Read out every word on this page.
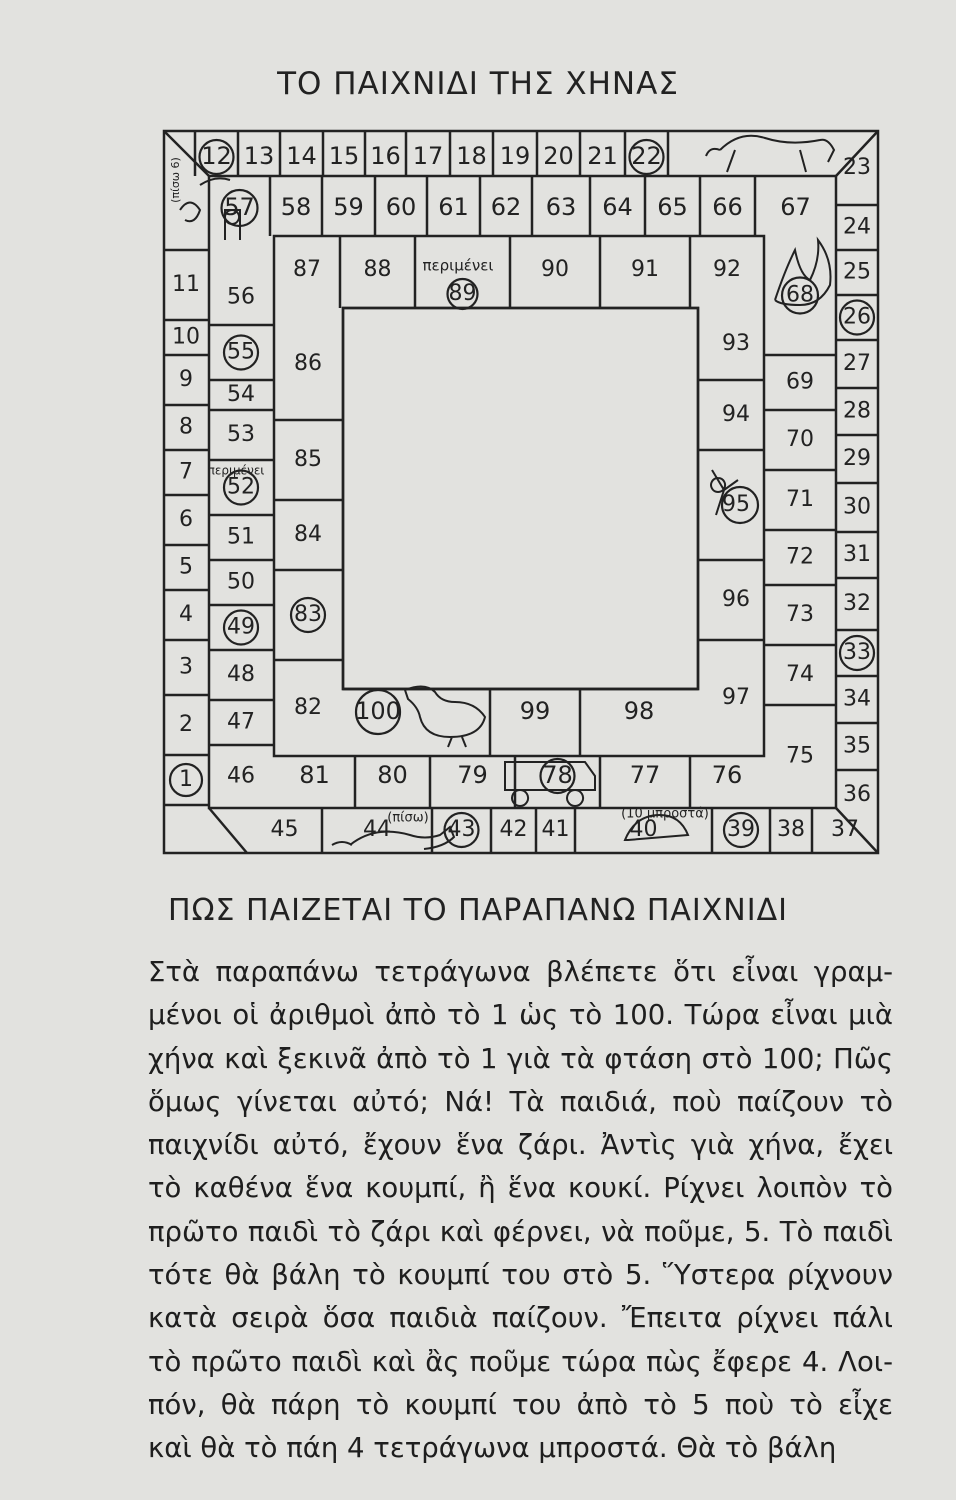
ΤΟ ΠΑΙΧΝΙΔΙ ΤΗΣ ΧΗΝΑΣ
12 13 14 15 16 17 18 19 20 21 22	23
24
25
26
27
28
29
30
31
32
33
34
35
36
37
38
39
40
41
42
43
44
45
11
10
9
8
7
6
5
4
3
2
1
56
55
54
53
52
51
50
49
48
47
46
57 58 59 60 61 62 63 64 65 66 67
68
69
70
71
72
73
74
75
76
77
78
79
80
81
86
85
84
83
82
87 88
89
90	91 92
93
94
95
96
97
98
99
100
περιμένει
περιμένει
(πίσω)	(10 μπροστά)
(πίσω 6)
ΠΩΣ ΠΑΙΖΕΤΑΙ ΤΟ ΠΑΡΑΠΑΝΩ ΠΑΙΧΝΙΔΙ
Στὰ παραπάνω τετράγωνα βλέπετε ὅτι εἶναι γραμ-
μένοι οἱ ἀριθμοὶ ἀπὸ τὸ 1 ὡς τὸ 100. Τώρα εἶναι μιὰ
χήνα καὶ ξεκινᾶ ἀπὸ τὸ 1 γιὰ τὰ φτάση στὸ 100; Πῶς
ὅμως γίνεται αὐτό; Νά! Τὰ παιδιά, ποὺ παίζουν τὸ
παιχνίδι αὐτό, ἔχουν ἕνα ζάρι. Ἀντὶς γιὰ χήνα, ἔχει
τὸ καθένα ἕνα κουμπί, ἢ ἕνα κουκί. Ρίχνει λοιπὸν τὸ
πρῶτο παιδὶ τὸ ζάρι καὶ φέρνει, νὰ ποῦμε, 5. Τὸ παιδὶ
τότε θὰ βάλη τὸ κουμπί του στὸ 5. Ὕστερα ρίχνουν
κατὰ σειρὰ ὅσα παιδιὰ παίζουν. Ἔπειτα ρίχνει πάλι
τὸ πρῶτο παιδὶ καὶ ἂς ποῦμε τώρα πὼς ἔφερε 4. Λοι-
πόν, θὰ πάρη τὸ κουμπί του ἀπὸ τὸ 5 ποὺ τὸ εἶχε
καὶ θὰ τὸ πάη 4 τετράγωνα μπροστά. Θὰ τὸ βάλη
